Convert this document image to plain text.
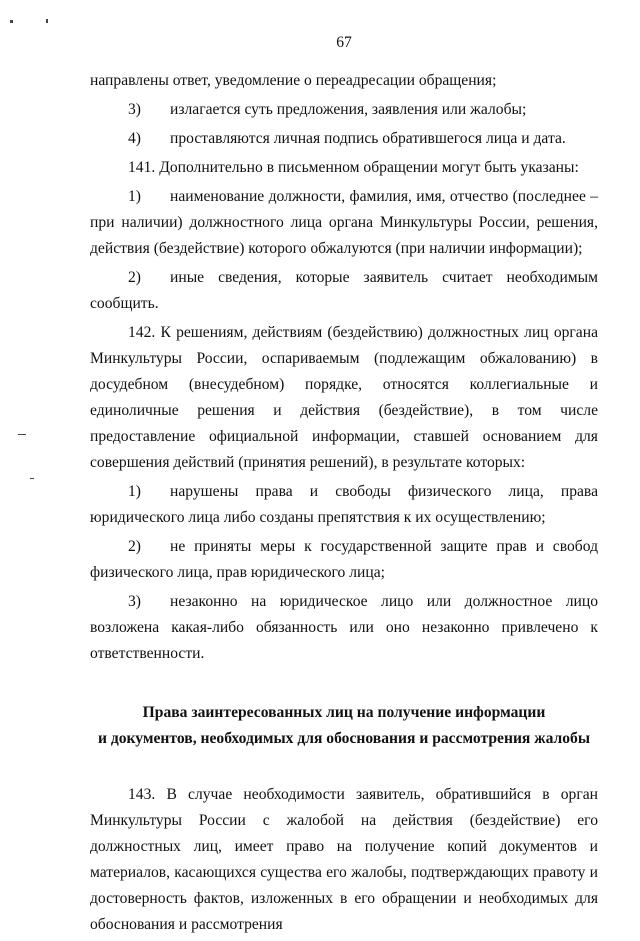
67

направлены ответ, уведомление о переадресации обращения;

3) излагается суть предложения, заявления или жалобы;

4) проставляются личная подпись обратившегося лица и дата.

141. Дополнительно в письменном обращении могут быть указаны:

1) наименование должности, фамилия, имя, отчество (последнее – при наличии) должностного лица органа Минкультуры России, решения, действия (бездействие) которого обжалуются (при наличии информации);

2) иные сведения, которые заявитель считает необходимым сообщить.

142. К решениям, действиям (бездействию) должностных лиц органа Минкультуры России, оспариваемым (подлежащим обжалованию) в досудебном (внесудебном) порядке, относятся коллегиальные и единоличные решения и действия (бездействие), в том числе предоставление официальной информации, ставшей основанием для совершения действий (принятия решений), в результате которых:

1) нарушены права и свободы физического лица, права юридического лица либо созданы препятствия к их осуществлению;

2) не приняты меры к государственной защите прав и свобод физического лица, прав юридического лица;

3) незаконно на юридическое лицо или должностное лицо возложена какая-либо обязанность или оно незаконно привлечено к ответственности.

Права заинтересованных лиц на получение информации
и документов, необходимых для обоснования и рассмотрения жалобы

143. В случае необходимости заявитель, обратившийся в орган Минкультуры России с жалобой на действия (бездействие) его должностных лиц, имеет право на получение копий документов и материалов, касающихся существа его жалобы, подтверждающих правоту и достоверность фактов, изложенных в его обращении и необходимых для обоснования и рассмотрения
